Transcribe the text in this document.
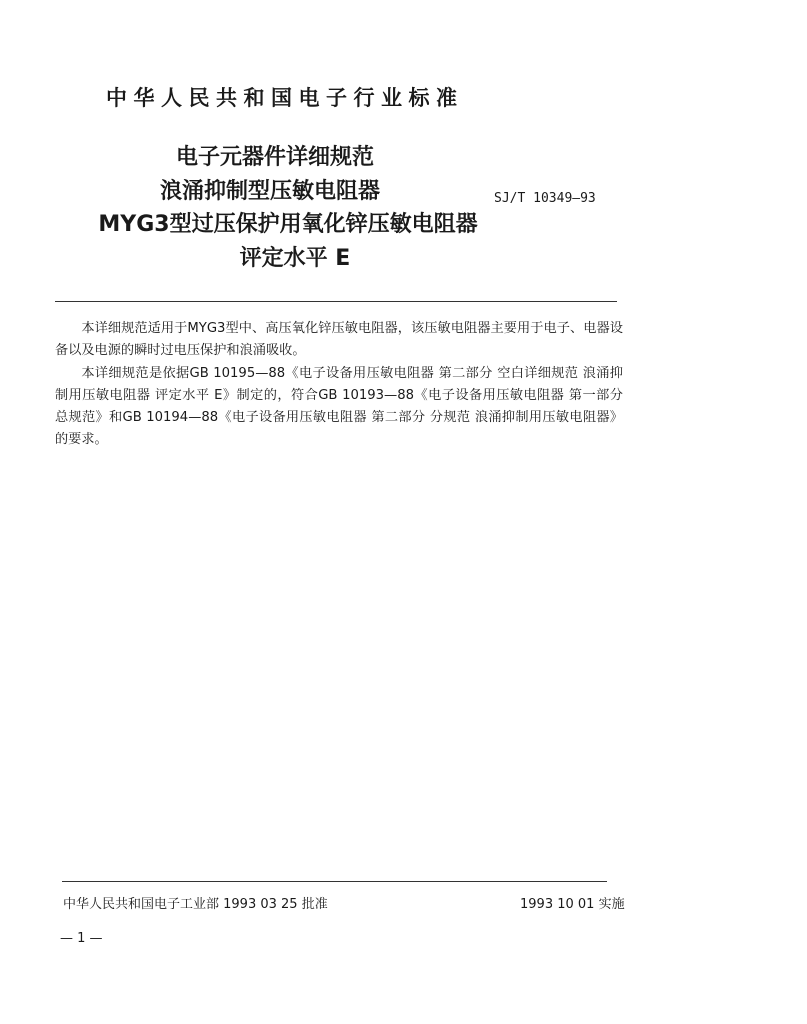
中华人民共和国电子行业标准
电子元器件详细规范
浪涌抑制型压敏电阻器
MYG3型过压保护用氧化锌压敏电阻器
评定水平 E
SJ/T 10349—93

本详细规范适用于MYG3型中、高压氧化锌压敏电阻器，该压敏电阻器主要用于电子、电器设备以及电源的瞬时过电压保护和浪涌吸收。

本详细规范是依据GB 10195—88《电子设备用压敏电阻器 第二部分 空白详细规范 浪涌抑制用压敏电阻器 评定水平 E》制定的，符合GB 10193—88《电子设备用压敏电阻器 第一部分 总规范》和GB 10194—88《电子设备用压敏电阻器 第二部分 分规范 浪涌抑制用压敏电阻器》的要求。

中华人民共和国电子工业部 1993 03 25 批准	1993 10 01 实施
— 1 —
